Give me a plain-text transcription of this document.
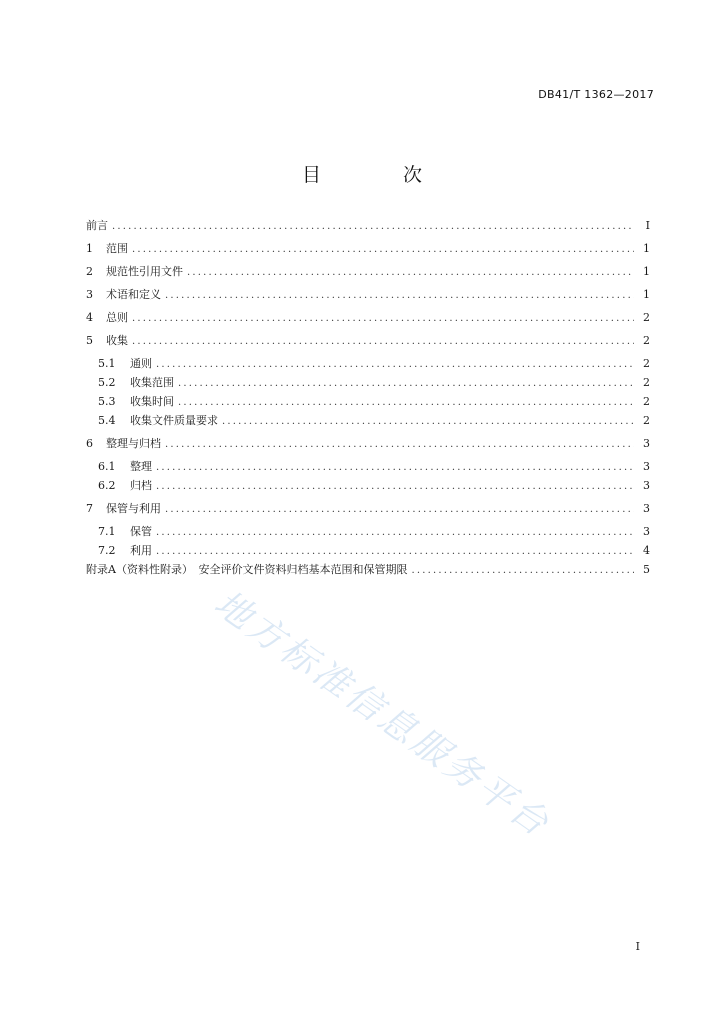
DB41/T 1362—2017
目 次
前言 .....	I
1	范围 .....	1
2	规范性引用文件 .....	1
3	术语和定义 .....	1
4	总则 .....	2
5	收集 .....	2
5.1	通则 .....	2
5.2	收集范围 .....	2
5.3	收集时间 .....	2
5.4	收集文件质量要求 .....	2
6	整理与归档 .....	3
6.1	整理 .....	3
6.2	归档 .....	3
7	保管与利用 .....	3
7.1	保管 .....	3
7.2	利用 .....	4
附录A（资料性附录）　安全评价文件资料归档基本范围和保管期限 .....	5
地方标准信息服务平台
I
